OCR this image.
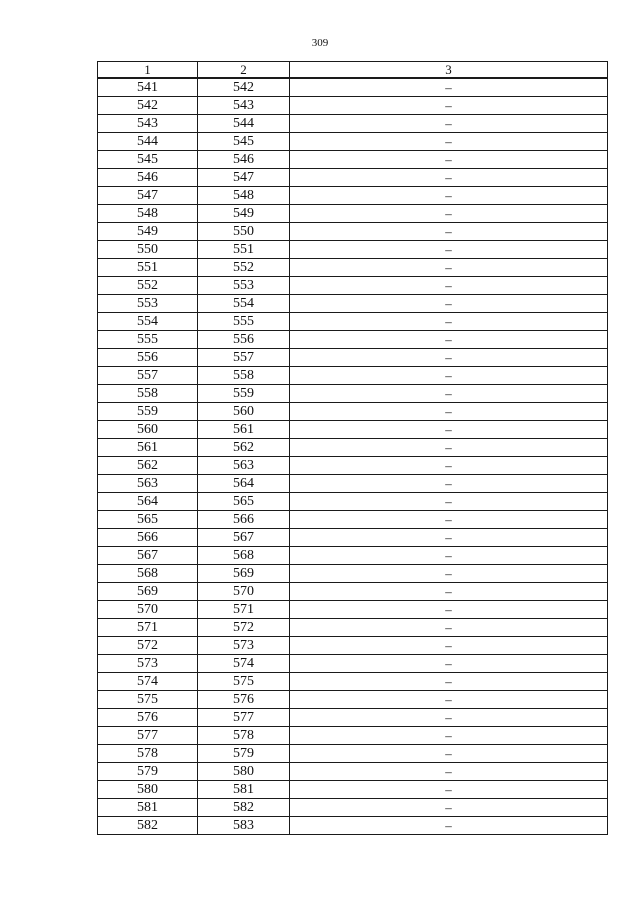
309
1	2	3
541	542	–
542	543	–
543	544	–
544	545	–
545	546	–
546	547	–
547	548	–
548	549	–
549	550	–
550	551	–
551	552	–
552	553	–
553	554	–
554	555	–
555	556	–
556	557	–
557	558	–
558	559	–
559	560	–
560	561	–
561	562	–
562	563	–
563	564	–
564	565	–
565	566	–
566	567	–
567	568	–
568	569	–
569	570	–
570	571	–
571	572	–
572	573	–
573	574	–
574	575	–
575	576	–
576	577	–
577	578	–
578	579	–
579	580	–
580	581	–
581	582	–
582	583	–
